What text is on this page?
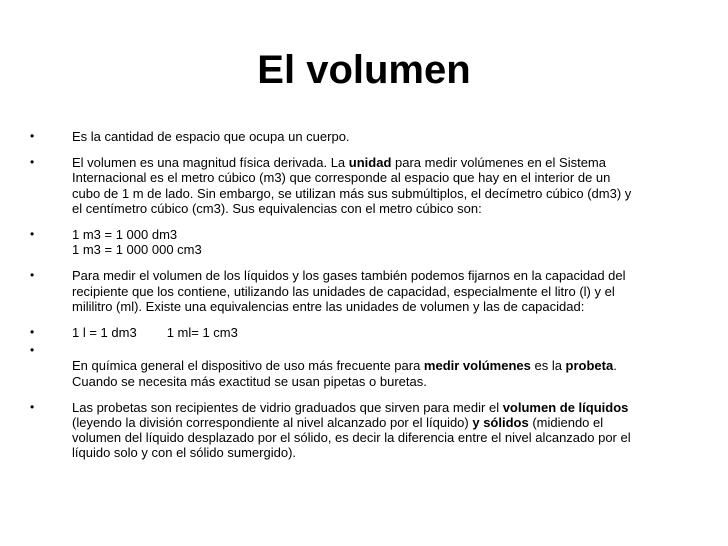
El volumen
•	Es la cantidad de espacio que ocupa un cuerpo.
•	El volumen es una magnitud física derivada. La unidad para medir volúmenes en el Sistema
Internacional es el metro cúbico (m3) que corresponde al espacio que hay en el interior de un
cubo de 1 m de lado. Sin embargo, se utilizan más sus submúltiplos, el decímetro cúbico (dm3) y
el centímetro cúbico (cm3). Sus equivalencias con el metro cúbico son:
•	1 m3 = 1 000 dm3
1 m3 = 1 000 000 cm3
•	Para medir el volumen de los líquidos y los gases también podemos fijarnos en la capacidad del
recipiente que los contiene, utilizando las unidades de capacidad, especialmente el litro (l) y el
mililitro (ml). Existe una equivalencias entre las unidades de volumen y las de capacidad:
•	1 l = 1 dm3 1 ml= 1 cm3
•
En química general el dispositivo de uso más frecuente para medir volúmenes es la probeta.
Cuando se necesita más exactitud se usan pipetas o buretas.
•	Las probetas son recipientes de vidrio graduados que sirven para medir el volumen de líquidos
(leyendo la división correspondiente al nivel alcanzado por el líquido) y sólidos (midiendo el
volumen del líquido desplazado por el sólido, es decir la diferencia entre el nivel alcanzado por el
líquido solo y con el sólido sumergido).
